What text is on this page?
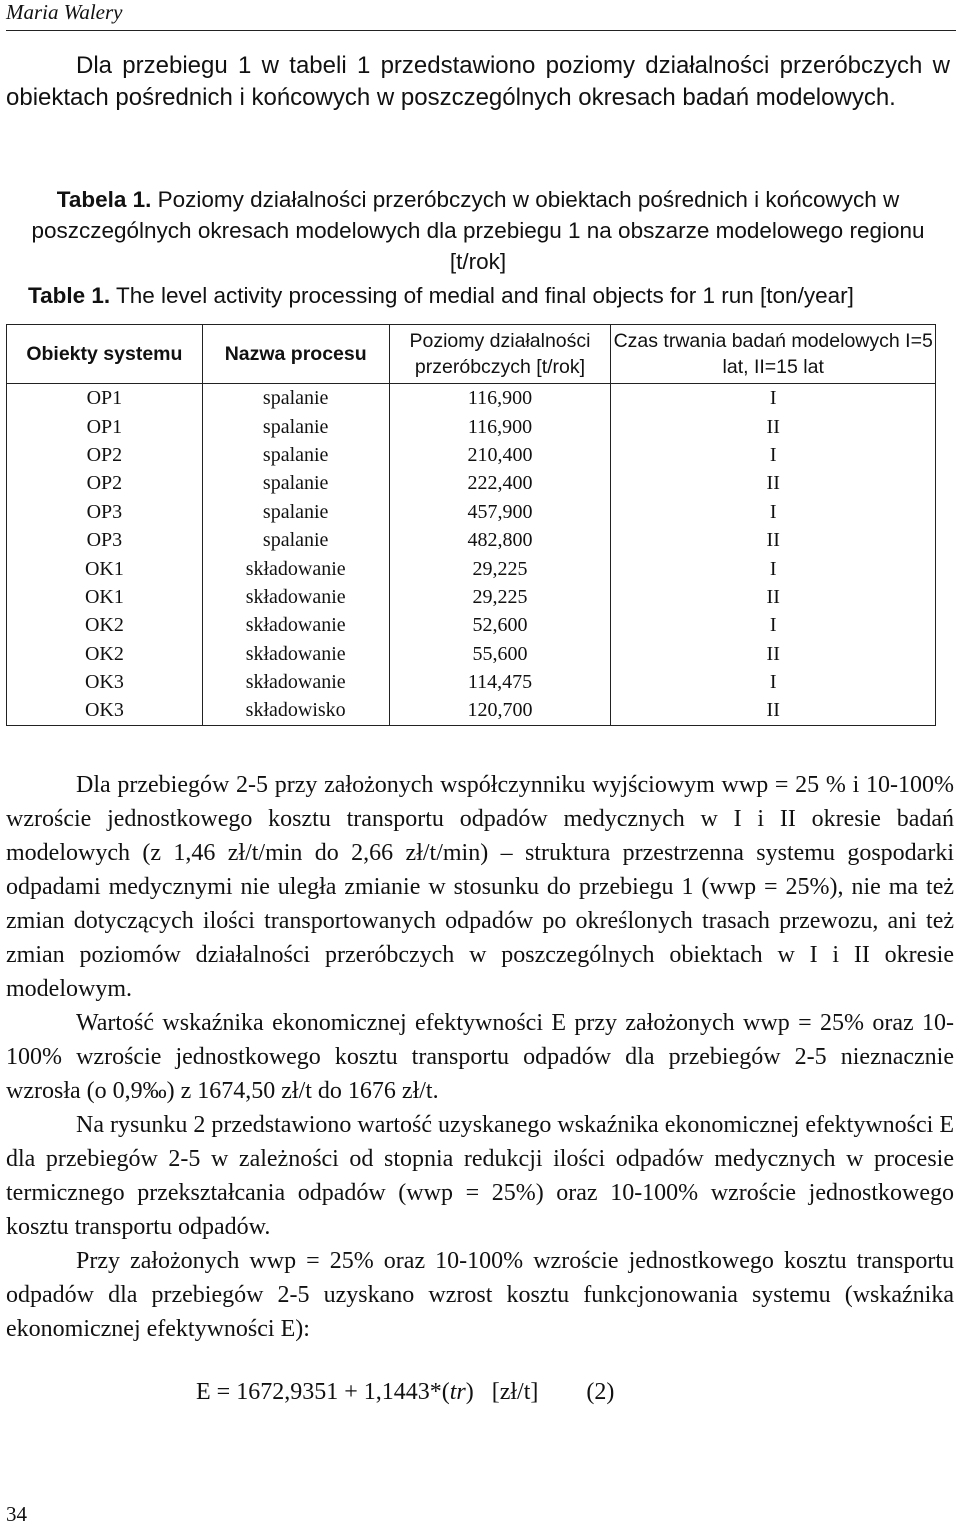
Maria Walery

Dla przebiegu 1 w tabeli 1 przedstawiono poziomy działalności przeróbczych w obiektach pośrednich i końcowych w poszczególnych okresach badań modelowych.

Tabela 1. Poziomy działalności przeróbczych w obiektach pośrednich i końcowych w poszczególnych okresach modelowych dla przebiegu 1 na obszarze modelowego regionu [t/rok]
Table 1. The level activity processing of medial and final objects for 1 run [ton/year]
Obiekty systemu	Nazwa procesu	Poziomy działalności przeróbczych [t/rok]	Czas trwania badań modelowych I=5 lat, II=15 lat
OP1	spalanie	116,900	I
OP1	spalanie	116,900	II
OP2	spalanie	210,400	I
OP2	spalanie	222,400	II
OP3	spalanie	457,900	I
OP3	spalanie	482,800	II
OK1	składowanie	29,225	I
OK1	składowanie	29,225	II
OK2	składowanie	52,600	I
OK2	składowanie	55,600	II
OK3	składowanie	114,475	I
OK3	składowisko	120,700	II

Dla przebiegów 2-5 przy założonych współczynniku wyjściowym wwp = 25 % i 10-100% wzroście jednostkowego kosztu transportu odpadów medycznych w I i II okresie badań modelowych (z 1,46 zł/t/min do 2,66 zł/t/min) – struktura przestrzenna systemu gospodarki odpadami medycznymi nie uległa zmianie w stosunku do przebiegu 1 (wwp = 25%), nie ma też zmian dotyczących ilości transportowanych odpadów po określonych trasach przewozu, ani też zmian poziomów działalności przeróbczych w poszczególnych obiektach w I i II okresie modelowym.

Wartość wskaźnika ekonomicznej efektywności E przy założonych wwp = 25% oraz 10-100% wzroście jednostkowego kosztu transportu odpadów dla przebiegów 2-5 nieznacznie wzrosła (o 0,9‰) z 1674,50 zł/t do 1676 zł/t.

Na rysunku 2 przedstawiono wartość uzyskanego wskaźnika ekonomicznej efektywności E dla przebiegów 2-5 w zależności od stopnia redukcji ilości odpadów medycznych w procesie termicznego przekształcania odpadów (wwp = 25%) oraz 10-100% wzroście jednostkowego kosztu transportu odpadów.

Przy założonych wwp = 25% oraz 10-100% wzroście jednostkowego kosztu transportu odpadów dla przebiegów 2-5 uzyskano wzrost kosztu funkcjonowania systemu (wskaźnika ekonomicznej efektywności E):

E = 1672,9351 + 1,1443*(tr)   [zł/t] (2)
34
